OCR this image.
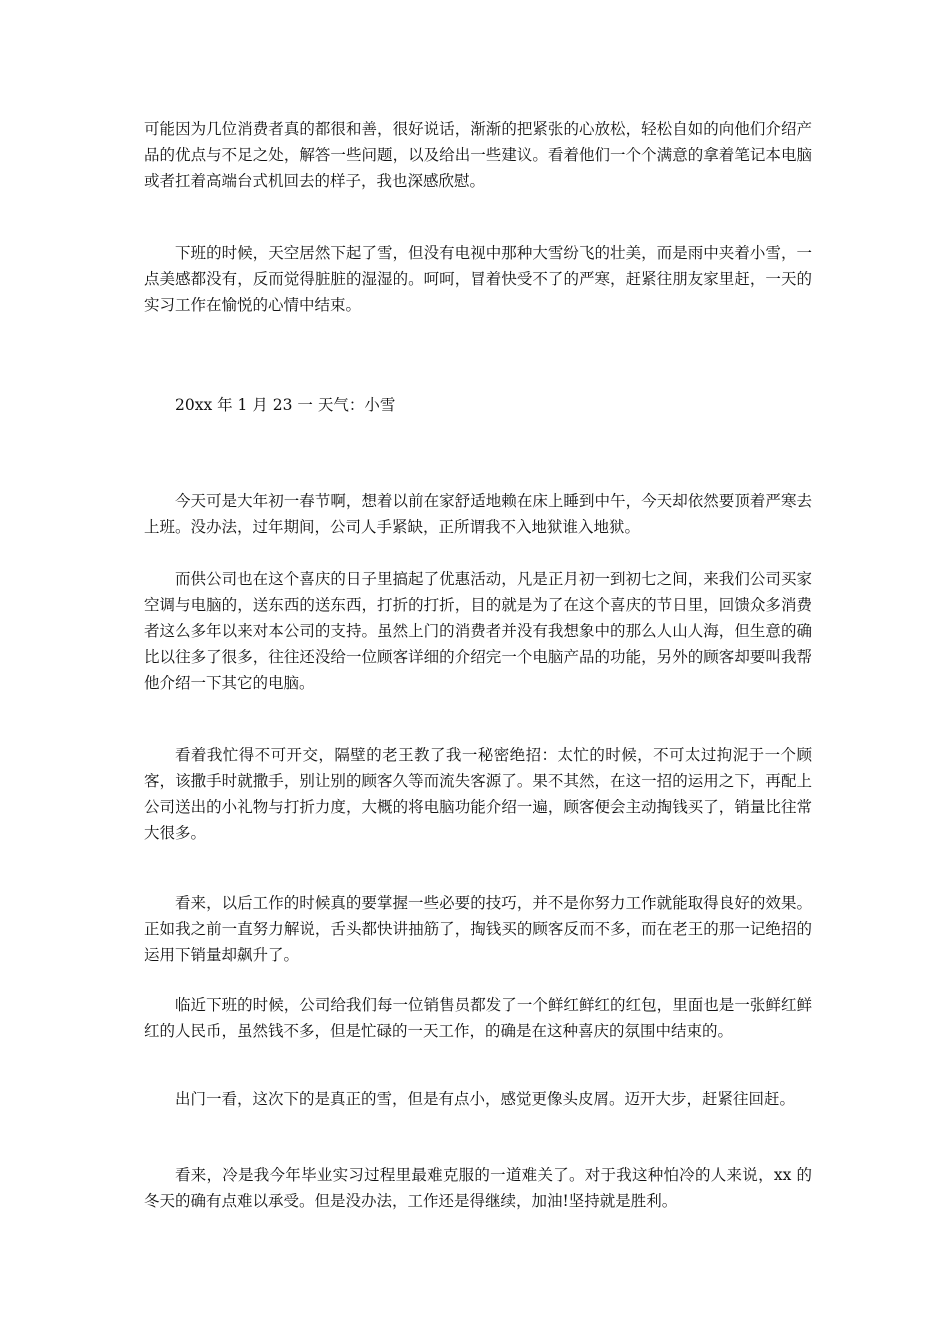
可能因为几位消费者真的都很和善，很好说话，渐渐的把紧张的心放松，轻松自如的向他们介绍产品的优点与不足之处，解答一些问题，以及给出一些建议。看着他们一个个满意的拿着笔记本电脑或者扛着高端台式机回去的样子，我也深感欣慰。

下班的时候，天空居然下起了雪，但没有电视中那种大雪纷飞的壮美，而是雨中夹着小雪，一点美感都没有，反而觉得脏脏的湿湿的。呵呵，冒着快受不了的严寒，赶紧往朋友家里赶，一天的实习工作在愉悦的心情中结束。

20xx 年 1 月 23 一 天气：小雪

今天可是大年初一春节啊，想着以前在家舒适地赖在床上睡到中午，今天却依然要顶着严寒去上班。没办法，过年期间，公司人手紧缺，正所谓我不入地狱谁入地狱。

而供公司也在这个喜庆的日子里搞起了优惠活动，凡是正月初一到初七之间，来我们公司买家空调与电脑的，送东西的送东西，打折的打折，目的就是为了在这个喜庆的节日里，回馈众多消费者这么多年以来对本公司的支持。虽然上门的消费者并没有我想象中的那么人山人海，但生意的确比以往多了很多，往往还没给一位顾客详细的介绍完一个电脑产品的功能，另外的顾客却要叫我帮他介绍一下其它的电脑。

看着我忙得不可开交，隔壁的老王教了我一秘密绝招：太忙的时候，不可太过拘泥于一个顾客，该撒手时就撒手，别让别的顾客久等而流失客源了。果不其然，在这一招的运用之下，再配上公司送出的小礼物与打折力度，大概的将电脑功能介绍一遍，顾客便会主动掏钱买了，销量比往常大很多。

看来，以后工作的时候真的要掌握一些必要的技巧，并不是你努力工作就能取得良好的效果。正如我之前一直努力解说，舌头都快讲抽筋了，掏钱买的顾客反而不多，而在老王的那一记绝招的运用下销量却飙升了。

临近下班的时候，公司给我们每一位销售员都发了一个鲜红鲜红的红包，里面也是一张鲜红鲜红的人民币，虽然钱不多，但是忙碌的一天工作，的确是在这种喜庆的氛围中结束的。

出门一看，这次下的是真正的雪，但是有点小，感觉更像头皮屑。迈开大步，赶紧往回赶。

看来，冷是我今年毕业实习过程里最难克服的一道难关了。对于我这种怕冷的人来说，xx 的冬天的确有点难以承受。但是没办法，工作还是得继续，加油!坚持就是胜利。
